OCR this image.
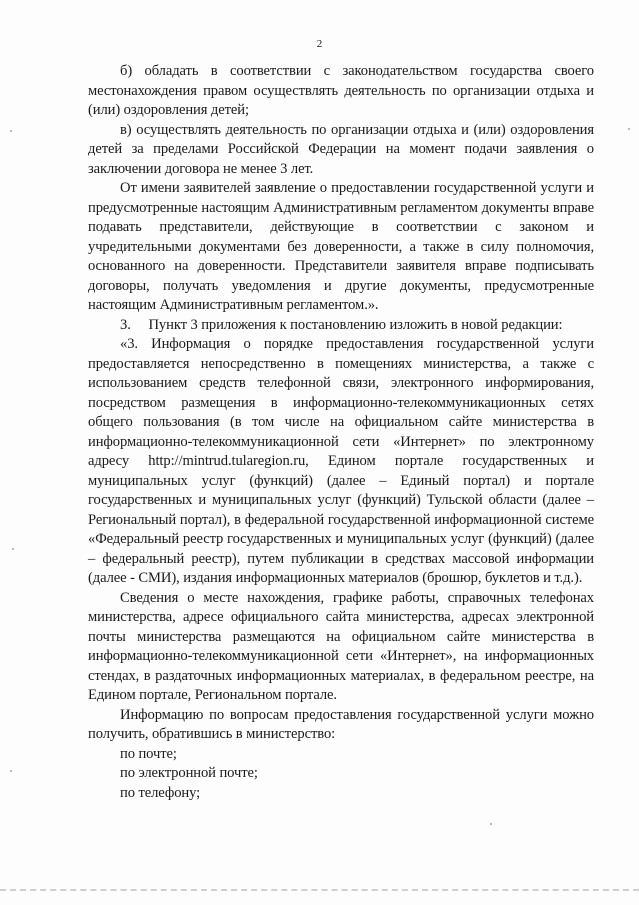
2

б) обладать в соответствии с законодательством государства своего местонахождения правом осуществлять деятельность по организации отдыха и (или) оздоровления детей;

в) осуществлять деятельность по организации отдыха и (или) оздоровления детей за пределами Российской Федерации на момент подачи заявления о заключении договора не менее 3 лет.

От имени заявителей заявление о предоставлении государственной услуги и предусмотренные настоящим Административным регламентом документы вправе подавать представители, действующие в соответствии с законом и учредительными документами без доверенности, а также в силу полномочия, основанного на доверенности. Представители заявителя вправе подписывать договоры, получать уведомления и другие документы, предусмотренные настоящим Административным регламентом.».

3.     Пункт 3 приложения к постановлению изложить в новой редакции:

«3. Информация о порядке предоставления государственной услуги предоставляется непосредственно в помещениях министерства, а также с использованием средств телефонной связи, электронного информирования, посредством размещения в информационно-телекоммуникационных сетях общего пользования (в том числе на официальном сайте министерства в информационно-телекоммуникационной сети «Интернет» по электронному адресу http://mintrud.tularegion.ru, Едином портале государственных и муниципальных услуг (функций) (далее – Единый портал) и портале государственных и муниципальных услуг (функций) Тульской области (далее – Региональный портал), в федеральной государственной информационной системе «Федеральный реестр государственных и муниципальных услуг (функций) (далее – федеральный реестр), путем публикации в средствах массовой информации (далее - СМИ), издания информационных материалов (брошюр, буклетов и т.д.).

Сведения о месте нахождения, графике работы, справочных телефонах министерства, адресе официального сайта министерства, адресах электронной почты министерства размещаются на официальном сайте министерства в информационно-телекоммуникационной сети «Интернет», на информационных стендах, в раздаточных информационных материалах, в федеральном реестре, на Едином портале, Региональном портале.

Информацию по вопросам предоставления государственной услуги можно получить, обратившись в министерство:

по почте;

по электронной почте;

по телефону;
